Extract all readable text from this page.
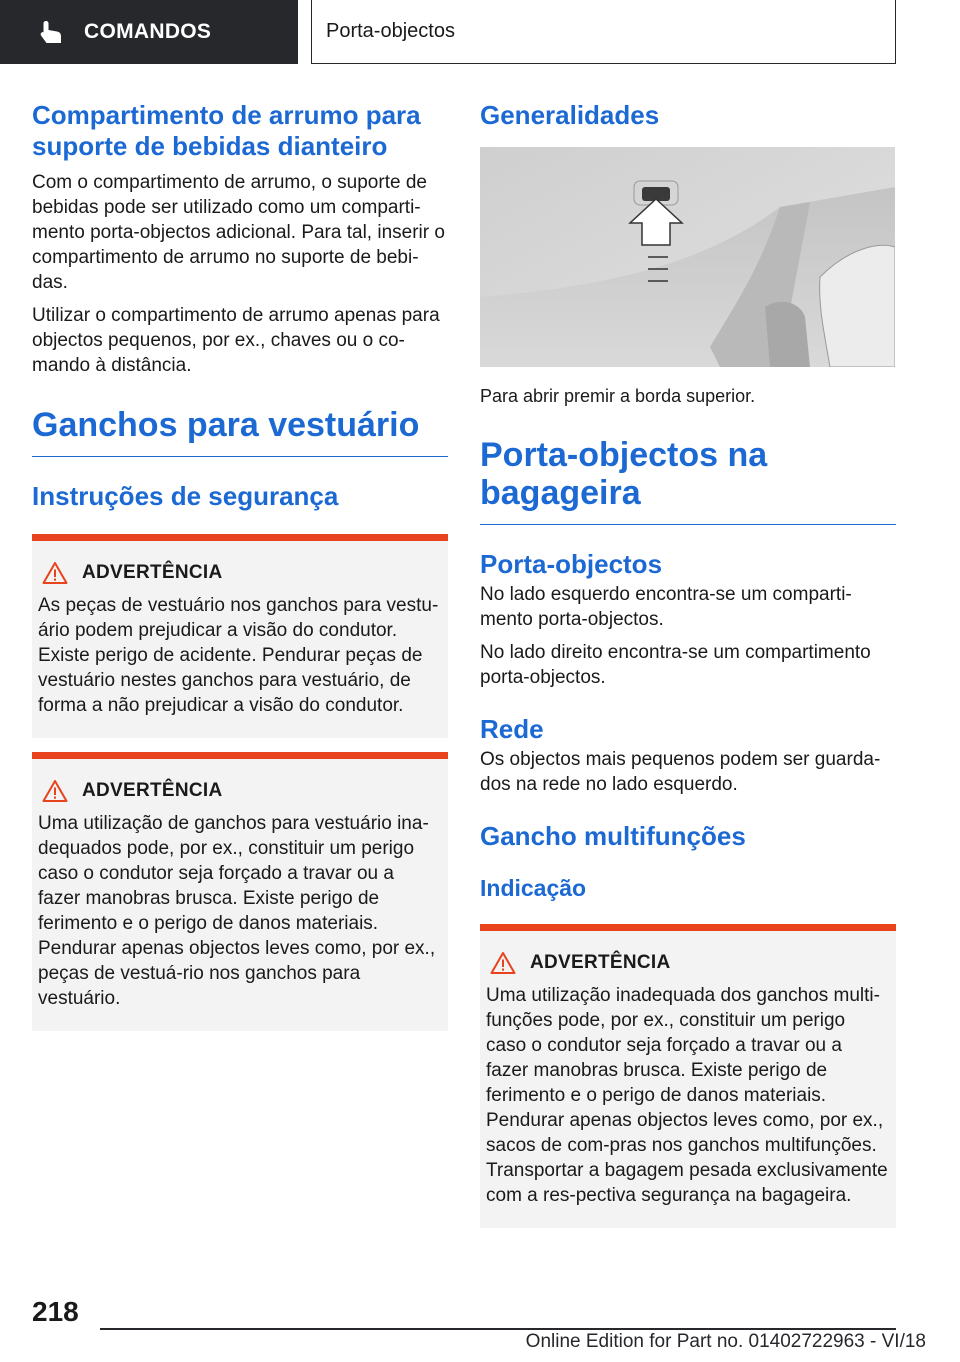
COMANDOS	Porta-objectos
Compartimento de arrumo para suporte de bebidas dianteiro

Com o compartimento de arrumo, o suporte de bebidas pode ser utilizado como um comparti-mento porta-objectos adicional. Para tal, inserir o compartimento de arrumo no suporte de bebi-das.

Utilizar o compartimento de arrumo apenas para objectos pequenos, por ex., chaves ou o co-mando à distância.

Ganchos para vestuário
Instruções de segurança
ADVERTÊNCIA

As peças de vestuário nos ganchos para vestu-ário podem prejudicar a visão do condutor. Existe perigo de acidente. Pendurar peças de vestuário nestes ganchos para vestuário, de forma a não prejudicar a visão do condutor.

ADVERTÊNCIA

Uma utilização de ganchos para vestuário ina-dequados pode, por ex., constituir um perigo caso o condutor seja forçado a travar ou a fazer manobras brusca. Existe perigo de ferimento e o perigo de danos materiais. Pendurar apenas objectos leves como, por ex., peças de vestuá-rio nos ganchos para vestuário.

Generalidades
Para abrir premir a borda superior.
Porta-objectos na bagageira
Porta-objectos

No lado esquerdo encontra-se um comparti-mento porta-objectos.

No lado direito encontra-se um compartimento porta-objectos.

Rede

Os objectos mais pequenos podem ser guarda-dos na rede no lado esquerdo.

Gancho multifunções
Indicação
ADVERTÊNCIA

Uma utilização inadequada dos ganchos multi-funções pode, por ex., constituir um perigo caso o condutor seja forçado a travar ou a fazer manobras brusca. Existe perigo de ferimento e o perigo de danos materiais. Pendurar apenas objectos leves como, por ex., sacos de com-pras nos ganchos multifunções. Transportar a bagagem pesada exclusivamente com a res-pectiva segurança na bagageira.

218
Online Edition for Part no. 01402722963 - VI/18
